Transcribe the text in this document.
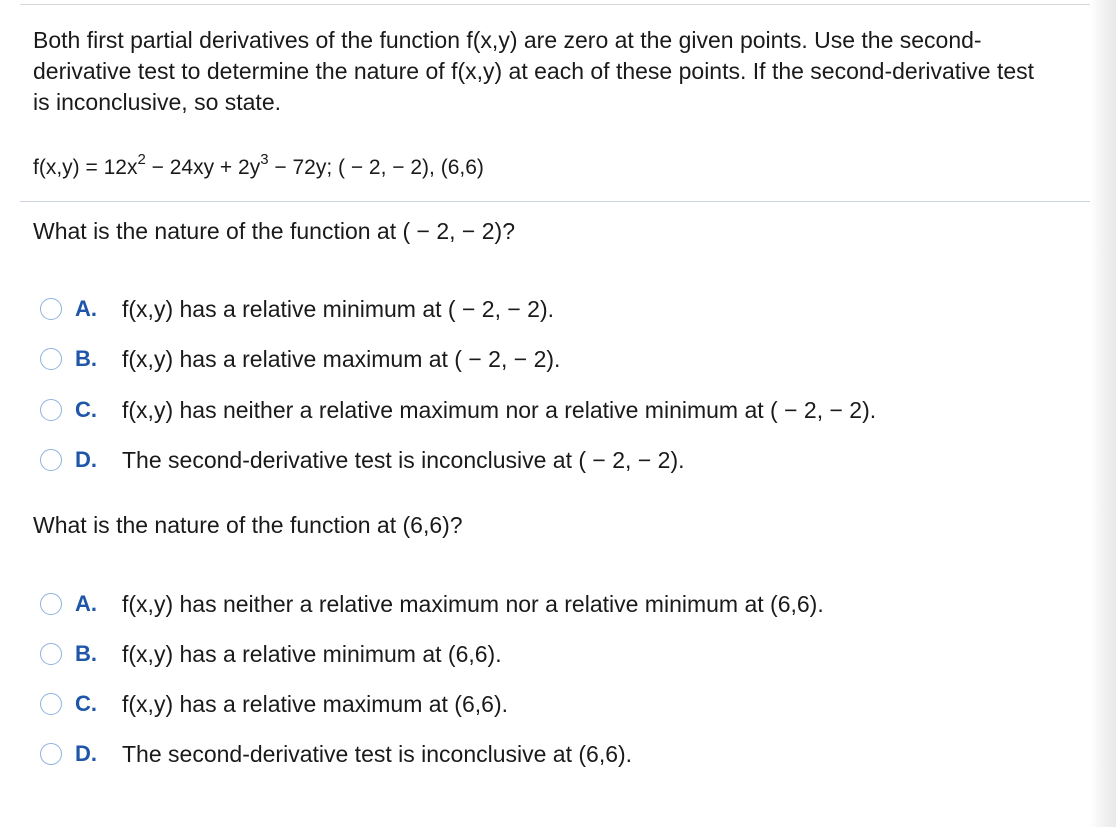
Both first partial derivatives of the function f(x,y) are zero at the given points. Use the second-derivative test to determine the nature of f(x,y) at each of these points. If the second-derivative test is inconclusive, so state.

$f(x,y) = 12x^2 - 24xy + 2y^3 - 72y$; ( − 2, − 2), (6,6)

What is the nature of the function at ( − 2, − 2)?

A.	f(x,y) has a relative minimum at ( − 2, − 2).
B.	f(x,y) has a relative maximum at ( − 2, − 2).
C.	f(x,y) has neither a relative maximum nor a relative minimum at ( − 2, − 2).
D.	The second-derivative test is inconclusive at ( − 2, − 2).

What is the nature of the function at (6,6)?

A.	f(x,y) has neither a relative maximum nor a relative minimum at (6,6).
B.	f(x,y) has a relative minimum at (6,6).
C.	f(x,y) has a relative maximum at (6,6).
D.	The second-derivative test is inconclusive at (6,6).
